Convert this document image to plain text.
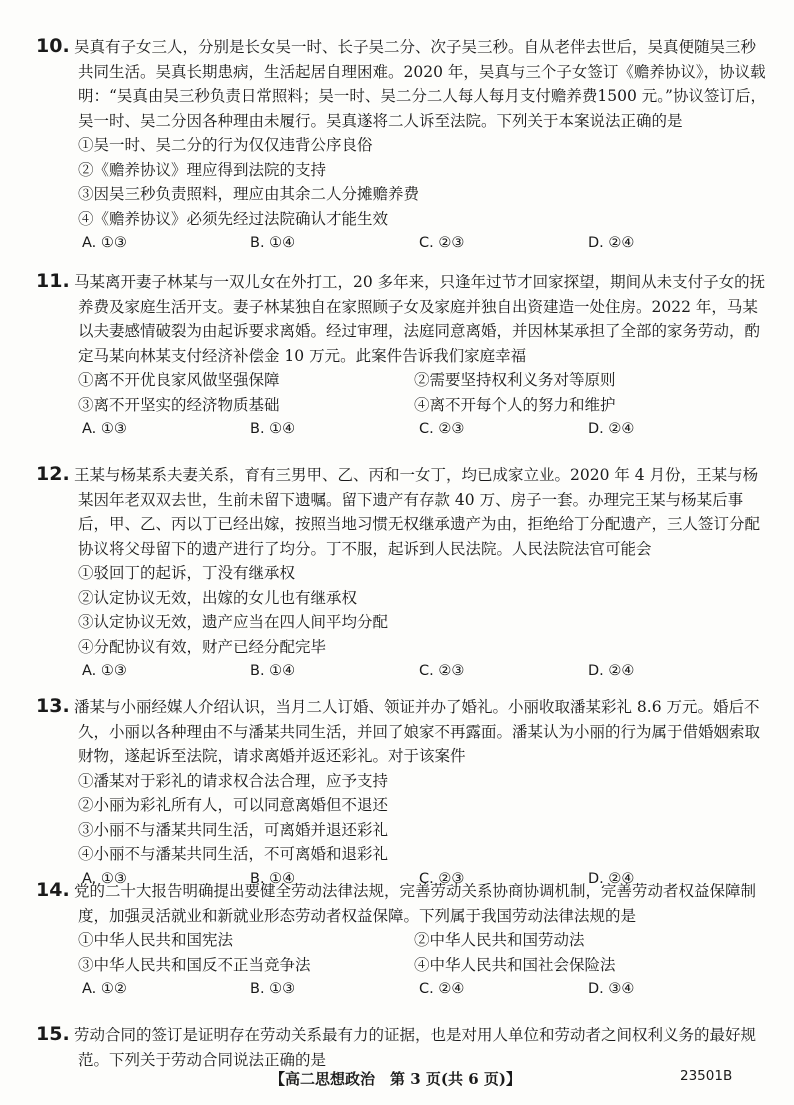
10. 吴真有子女三人，分别是长女吴一时、长子吴二分、次子吴三秒。自从老伴去世后，吴真便随吴三秒共同生活。吴真长期患病，生活起居自理困难。2020 年，吴真与三个子女签订《赡养协议》，协议载明：“吴真由吴三秒负责日常照料；吴一时、吴二分二人每人每月支付赡养费1500 元。”协议签订后，吴一时、吴二分因各种理由未履行。吴真遂将二人诉至法院。下列关于本案说法正确的是
①吴一时、吴二分的行为仅仅违背公序良俗
②《赡养协议》理应得到法院的支持
③因吴三秒负责照料，理应由其余二人分摊赡养费
④《赡养协议》必须先经过法院确认才能生效
A. ①③	B. ①④	C. ②③	D. ②④
11. 马某离开妻子林某与一双儿女在外打工，20 多年来，只逢年过节才回家探望，期间从未支付子女的抚养费及家庭生活开支。妻子林某独自在家照顾子女及家庭并独自出资建造一处住房。2022 年，马某以夫妻感情破裂为由起诉要求离婚。经过审理，法庭同意离婚，并因林某承担了全部的家务劳动，酌定马某向林某支付经济补偿金 10 万元。此案件告诉我们家庭幸福
①离不开优良家风做坚强保障	②需要坚持权利义务对等原则
③离不开坚实的经济物质基础	④离不开每个人的努力和维护
A. ①③	B. ①④	C. ②③	D. ②④
12. 王某与杨某系夫妻关系，育有三男甲、乙、丙和一女丁，均已成家立业。2020 年 4 月份，王某与杨某因年老双双去世，生前未留下遗嘱。留下遗产有存款 40 万、房子一套。办理完王某与杨某后事后，甲、乙、丙以丁已经出嫁，按照当地习惯无权继承遗产为由，拒绝给丁分配遗产，三人签订分配协议将父母留下的遗产进行了均分。丁不服，起诉到人民法院。人民法院法官可能会
①驳回丁的起诉，丁没有继承权
②认定协议无效，出嫁的女儿也有继承权
③认定协议无效，遗产应当在四人间平均分配
④分配协议有效，财产已经分配完毕
A. ①③	B. ①④	C. ②③	D. ②④
13. 潘某与小丽经媒人介绍认识，当月二人订婚、领证并办了婚礼。小丽收取潘某彩礼 8.6 万元。婚后不久，小丽以各种理由不与潘某共同生活，并回了娘家不再露面。潘某认为小丽的行为属于借婚姻索取财物，遂起诉至法院，请求离婚并返还彩礼。对于该案件
①潘某对于彩礼的请求权合法合理，应予支持
②小丽为彩礼所有人，可以同意离婚但不退还
③小丽不与潘某共同生活，可离婚并退还彩礼
④小丽不与潘某共同生活，不可离婚和退彩礼
A. ①③	B. ①④	C. ②③	D. ②④
14. 党的二十大报告明确提出要健全劳动法律法规，完善劳动关系协商协调机制，完善劳动者权益保障制度，加强灵活就业和新就业形态劳动者权益保障。下列属于我国劳动法律法规的是
①中华人民共和国宪法	②中华人民共和国劳动法
③中华人民共和国反不正当竞争法	④中华人民共和国社会保险法
A. ①②	B. ①③	C. ②④	D. ③④
15. 劳动合同的签订是证明存在劳动关系最有力的证据，也是对用人单位和劳动者之间权利义务的最好规范。下列关于劳动合同说法正确的是
【高二思想政治　第 3 页(共 6 页)】	23501B
